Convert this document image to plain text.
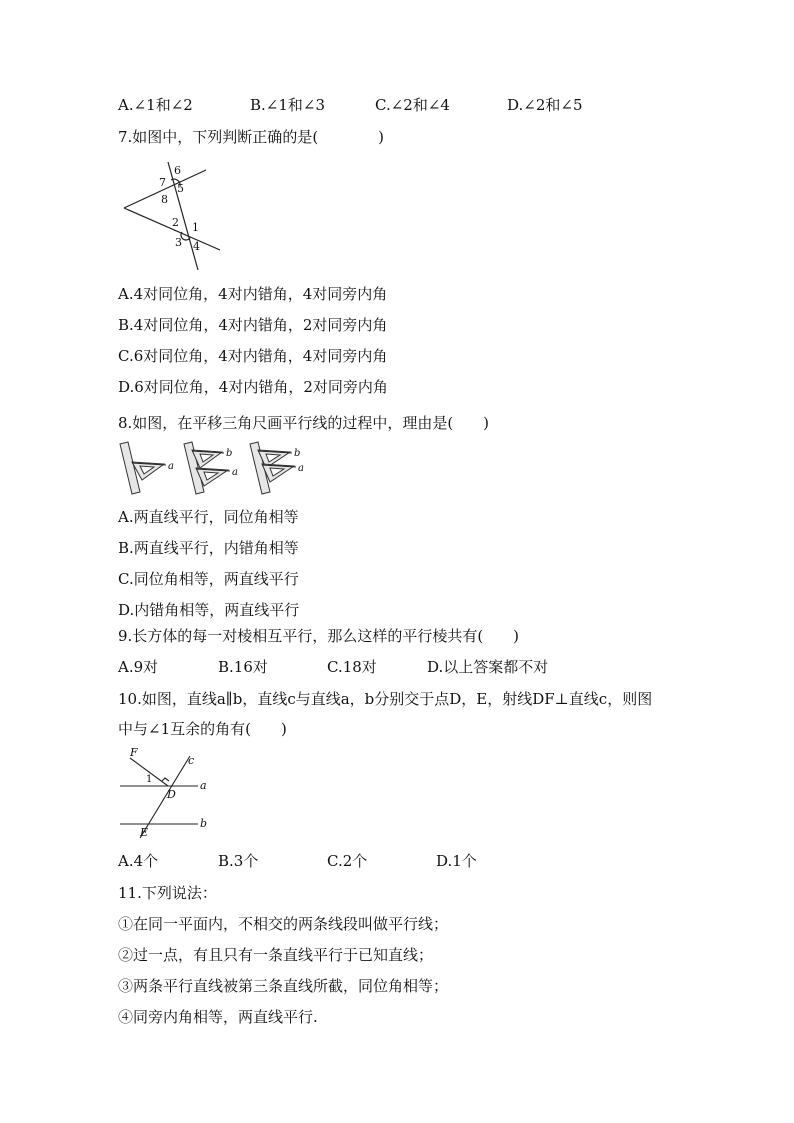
A.∠1和∠2	B.∠1和∠3	C.∠2和∠4	D.∠2和∠5
7.如图中，下列判断正确的是(　　　　)
6
7 5
8
2 1
3 4
A.4对同位角，4对内错角，4对同旁内角
B.4对同位角，4对内错角，2对同旁内角
C.6对同位角，4对内错角，4对同旁内角
D.6对同位角，4对内错角，2对同旁内角
8.如图，在平移三角尺画平行线的过程中，理由是(　　)
a
b
a
b
a
A.两直线平行，同位角相等
B.两直线平行，内错角相等
C.同位角相等，两直线平行
D.内错角相等，两直线平行
9.长方体的每一对棱相互平行，那么这样的平行棱共有(　　)
A.9对	B.16对	C.18对	D.以上答案都不对
10.如图，直线a∥b，直线c与直线a，b分别交于点D，E，射线DF⊥直线c，则图
中与∠1互余的角有(　　)
F
c
1	a
D
b
E
A.4个	B.3个	C.2个	D.1个
11.下列说法：
①在同一平面内，不相交的两条线段叫做平行线；
②过一点，有且只有一条直线平行于已知直线；
③两条平行直线被第三条直线所截，同位角相等；
④同旁内角相等，两直线平行.
